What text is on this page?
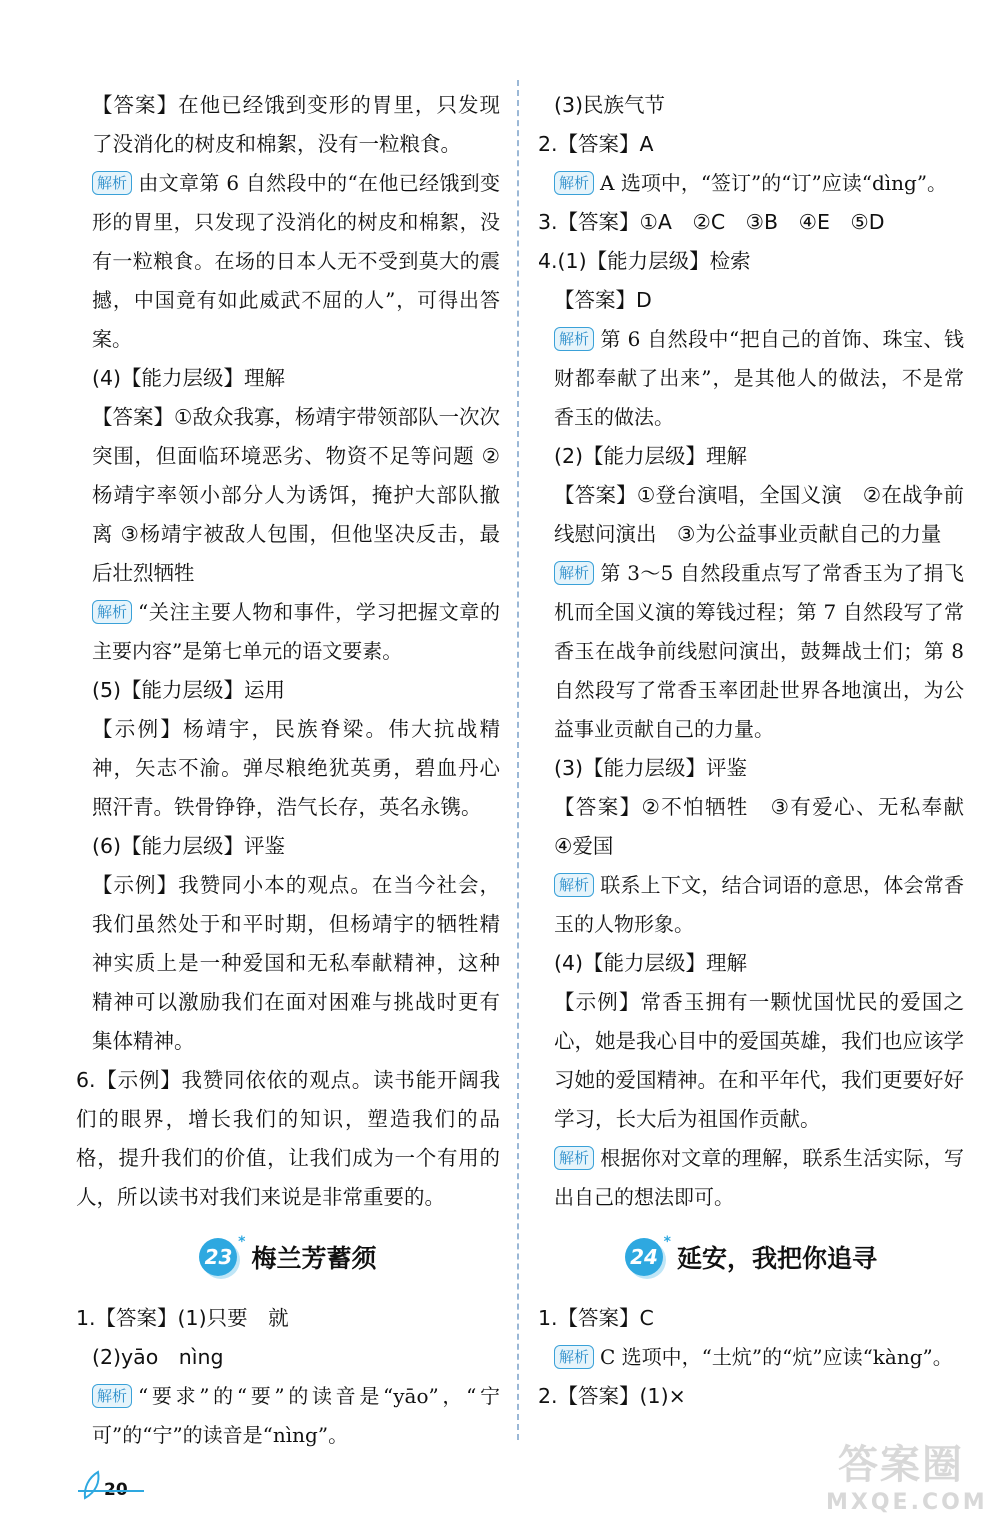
【答案】在他已经饿到变形的胃里，只发现了没消化的树皮和棉絮，没有一粒粮食。

解析 由文章第 6 自然段中的“在他已经饿到变形的胃里，只发现了没消化的树皮和棉絮，没有一粒粮食。在场的日本人无不受到莫大的震撼，中国竟有如此威武不屈的人”，可得出答案。

(4)【能力层级】理解

【答案】①敌众我寡，杨靖宇带领部队一次次突围，但面临环境恶劣、物资不足等问题 ②杨靖宇率领小部分人为诱饵，掩护大部队撤离 ③杨靖宇被敌人包围，但他坚决反击，最后壮烈牺牲

解析 “关注主要人物和事件，学习把握文章的主要内容”是第七单元的语文要素。

(5)【能力层级】运用

【示例】杨靖宇，民族脊梁。伟大抗战精神，矢志不渝。弹尽粮绝犹英勇，碧血丹心照汗青。铁骨铮铮，浩气长存，英名永镌。

(6)【能力层级】评鉴

【示例】我赞同小本的观点。在当今社会，我们虽然处于和平时期，但杨靖宇的牺牲精神实质上是一种爱国和无私奉献精神，这种精神可以激励我们在面对困难与挑战时更有集体精神。

6.【示例】我赞同依依的观点。读书能开阔我们的眼界，增长我们的知识，塑造我们的品格，提升我们的价值，让我们成为一个有用的人，所以读书对我们来说是非常重要的。

23
*
梅兰芳蓄须

1.【答案】(1)只要　就

(2)yāo　nìng

解析 “要求”的“要”的读音是“yāo”，“宁可”的“宁”的读音是“nìng”。

(3)民族气节

2.【答案】A

解析 A 选项中，“签订”的“订”应读“dìng”。

3.【答案】①A　②C　③B　④E　⑤D

4.(1)【能力层级】检索

【答案】D

解析 第 6 自然段中“把自己的首饰、珠宝、钱财都奉献了出来”，是其他人的做法，不是常香玉的做法。

(2)【能力层级】理解

【答案】①登台演唱，全国义演　②在战争前线慰问演出　③为公益事业贡献自己的力量

解析 第 3～5 自然段重点写了常香玉为了捐飞机而全国义演的筹钱过程；第 7 自然段写了常香玉在战争前线慰问演出，鼓舞战士们；第 8 自然段写了常香玉率团赴世界各地演出，为公益事业贡献自己的力量。

(3)【能力层级】评鉴

【答案】②不怕牺牲　③有爱心、无私奉献　④爱国

解析 联系上下文，结合词语的意思，体会常香玉的人物形象。

(4)【能力层级】理解

【示例】常香玉拥有一颗忧国忧民的爱国之心，她是我心目中的爱国英雄，我们也应该学习她的爱国精神。在和平年代，我们更要好好学习，长大后为祖国作贡献。

解析 根据你对文章的理解，联系生活实际，写出自己的想法即可。

24
*
延安，我把你追寻

1.【答案】C

解析 C 选项中，“土炕”的“炕”应读“kàng”。

2.【答案】(1)×

20
答案圈
MXQE.COM
